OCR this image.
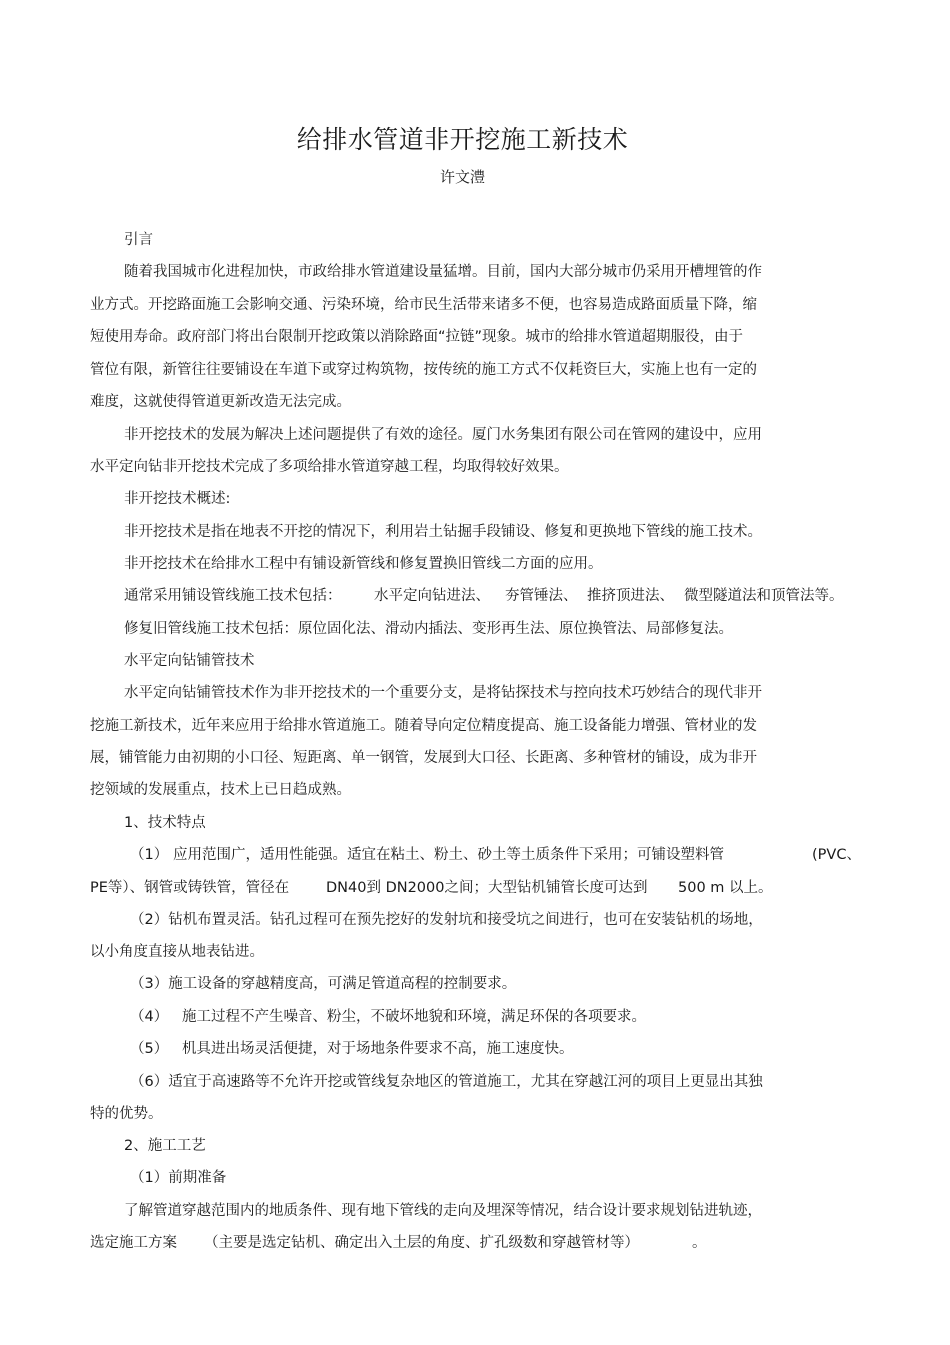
给排水管道非开挖施工新技术
许文澧
引言
随着我国城市化进程加快，市政给排水管道建设量猛增。目前，国内大部分城市仍采用开槽埋管的作
业方式。开挖路面施工会影响交通、污染环境，给市民生活带来诸多不便，也容易造成路面质量下降，缩
短使用寿命。政府部门将出台限制开挖政策以消除路面“拉链”现象。城市的给排水管道超期服役，由于
管位有限，新管往往要铺设在车道下或穿过构筑物，按传统的施工方式不仅耗资巨大，实施上也有一定的
难度，这就使得管道更新改造无法完成。
非开挖技术的发展为解决上述问题提供了有效的途径。厦门水务集团有限公司在管网的建设中，应用
水平定向钻非开挖技术完成了多项给排水管道穿越工程，均取得较好效果。
非开挖技术概述:
非开挖技术是指在地表不开挖的情况下，利用岩土钻掘手段铺设、修复和更换地下管线的施工技术。
非开挖技术在给排水工程中有铺设新管线和修复置换旧管线二方面的应用。
通常采用铺设管线施工技术包括： 水平定向钻进法、 夯管锤法、 推挤顶进法、 微型隧道法和顶管法等。
修复旧管线施工技术包括：原位固化法、滑动内插法、变形再生法、原位换管法、局部修复法。
水平定向钻铺管技术
水平定向钻铺管技术作为非开挖技术的一个重要分支，是将钻探技术与控向技术巧妙结合的现代非开
挖施工新技术，近年来应用于给排水管道施工。随着导向定位精度提高、施工设备能力增强、管材业的发
展，铺管能力由初期的小口径、短距离、单一钢管，发展到大口径、长距离、多种管材的铺设，成为非开
挖领域的发展重点，技术上已日趋成熟。
1、技术特点
（1） 应用范围广，适用性能强。适宜在粘土、粉土、砂土等土质条件下采用；可铺设塑料管	(PVC、
PE等）、钢管或铸铁管，管径在	DN40到 DN2000之间；大型钻机铺管长度可达到 500 m 以上。
（2）钻机布置灵活。钻孔过程可在预先挖好的发射坑和接受坑之间进行，也可在安装钻机的场地，
以小角度直接从地表钻进。
（3）施工设备的穿越精度高，可满足管道高程的控制要求。
（4） 施工过程不产生噪音、粉尘，不破坏地貌和环境，满足环保的各项要求。
（5） 机具进出场灵活便捷，对于场地条件要求不高，施工速度快。
（6）适宜于高速路等不允许开挖或管线复杂地区的管道施工，尤其在穿越江河的项目上更显出其独
特的优势。
2、施工工艺
（1）前期准备
了解管道穿越范围内的地质条件、现有地下管线的走向及埋深等情况，结合设计要求规划钻进轨迹，
选定施工方案 （主要是选定钻机、确定出入土层的角度、扩孔级数和穿越管材等）	。
